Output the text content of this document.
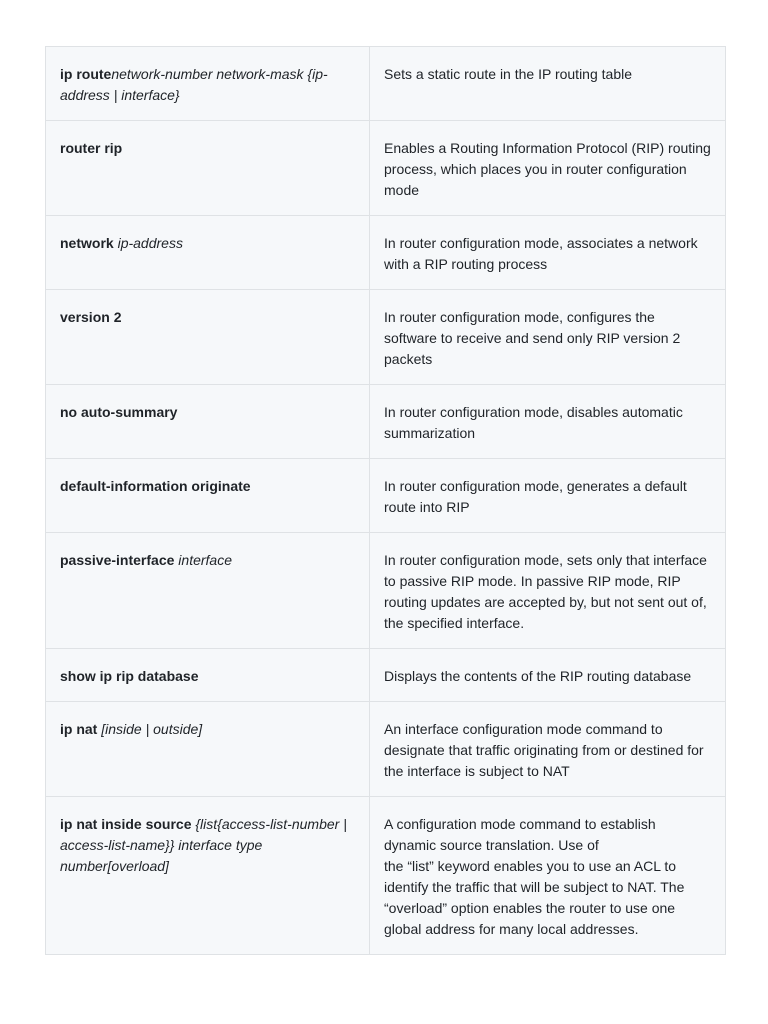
ip routenetwork-number network-mask {ip-address | interface}	Sets a static route in the IP routing table
router rip	Enables a Routing Information Protocol (RIP) routing process, which places you in router configuration mode
network ip-address	In router configuration mode, associates a network with a RIP routing process
version 2	In router configuration mode, configures the software to receive and send only RIP version 2 packets
no auto-summary	In router configuration mode, disables automatic summarization
default-information originate	In router configuration mode, generates a default route into RIP
passive-interface interface	In router configuration mode, sets only that interface to passive RIP mode. In passive RIP mode, RIP routing updates are accepted by, but not sent out of, the specified interface.
show ip rip database	Displays the contents of the RIP routing database
ip nat [inside | outside]	An interface configuration mode command to designate that traffic originating from or destined for the interface is subject to NAT
ip nat inside source {list{access-list-number | access-list-name}} interface type number[overload]	A configuration mode command to establish dynamic source translation. Use of
the “list” keyword enables you to use an ACL to identify the traffic that will be subject to NAT. The “overload” option enables the router to use one global address for many local addresses.
